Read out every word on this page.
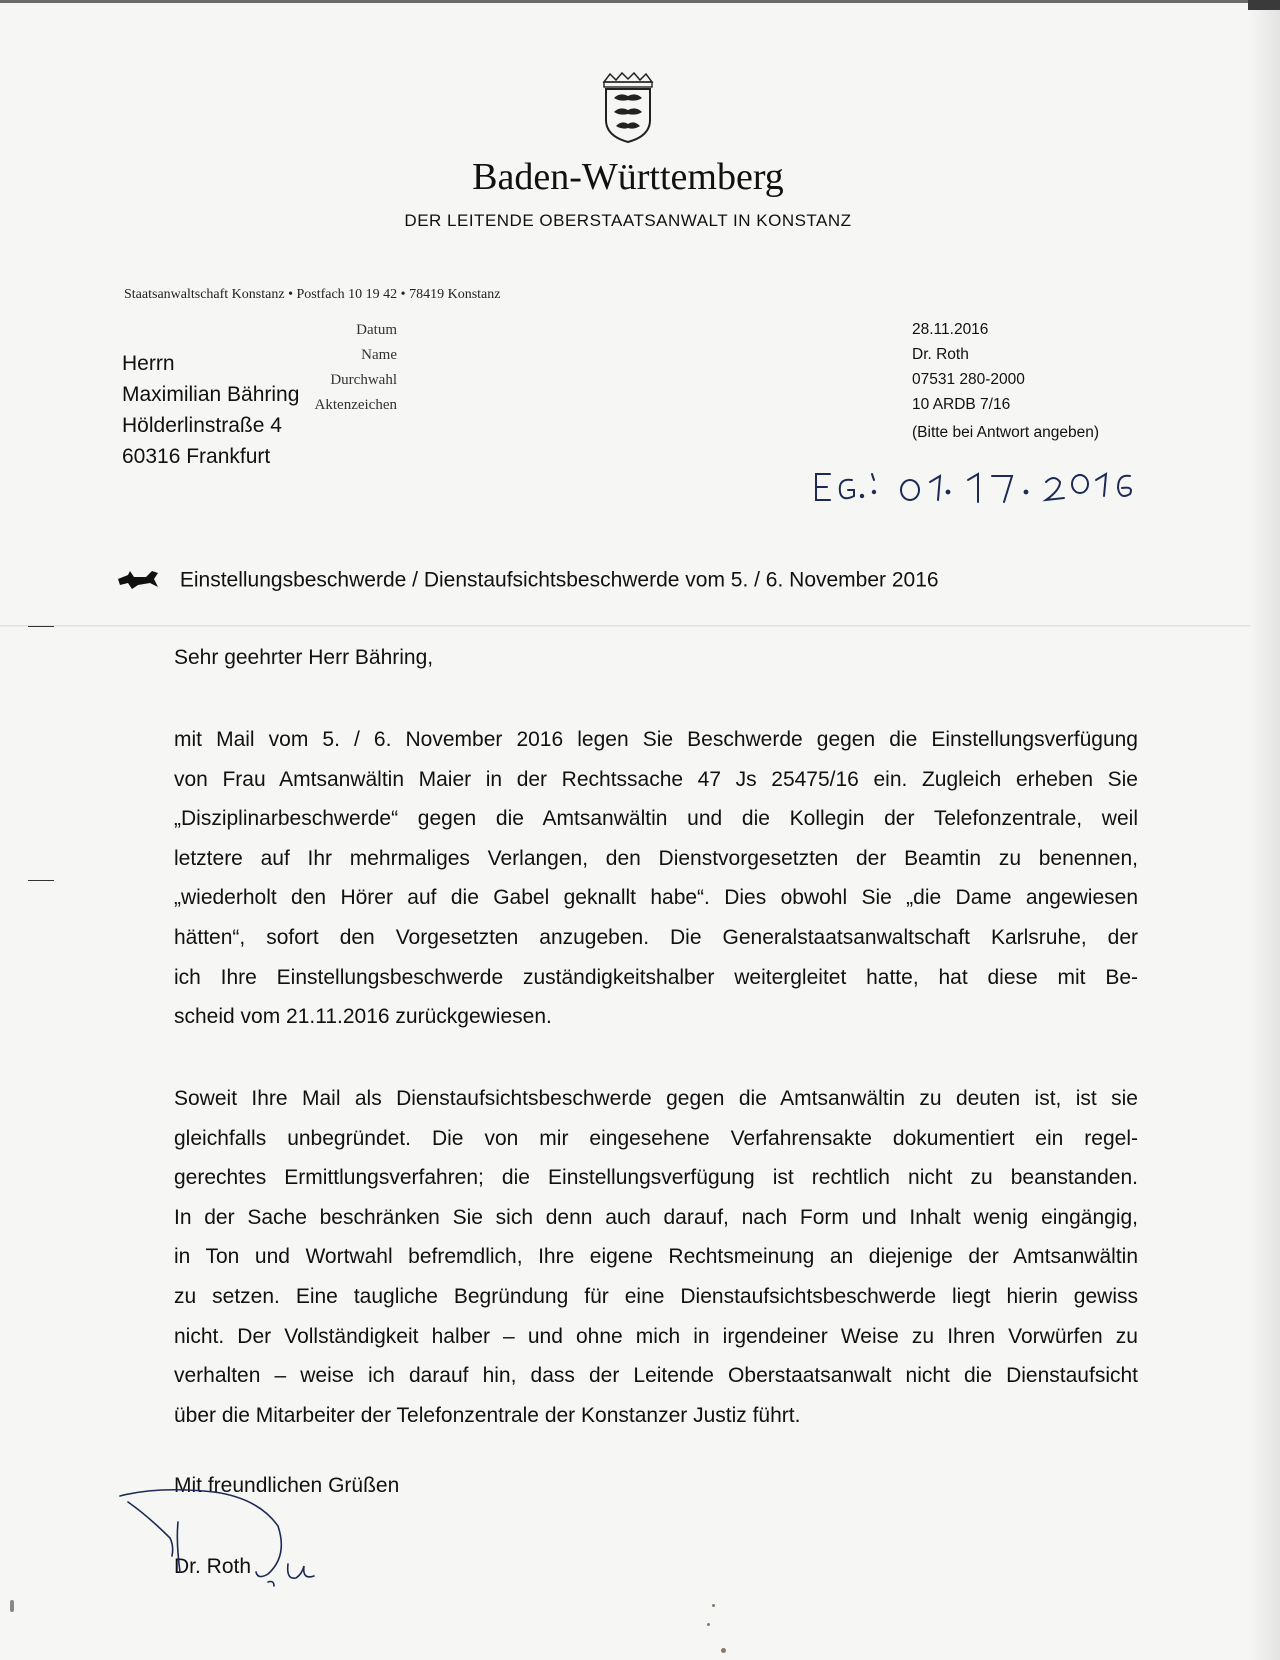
Baden-Württemberg
DER LEITENDE OBERSTAATSANWALT IN KONSTANZ
Staatsanwaltschaft Konstanz • Postfach 10 19 42 • 78419 Konstanz
Herrn
Maximilian Bähring
Hölderlinstraße 4
60316 Frankfurt
Datum	28.11.2016
Name	Dr. Roth
Durchwahl	07531 280-2000
Aktenzeichen	10 ARDB 7/16
(Bitte bei Antwort angeben)
Einstellungsbeschwerde / Dienstaufsichtsbeschwerde vom 5. / 6. November 2016
Sehr geehrter Herr Bähring,
mit Mail vom 5. / 6. November 2016 legen Sie Beschwerde gegen die Einstellungsverfügung
von Frau Amtsanwältin Maier in der Rechtssache 47 Js 25475/16 ein. Zugleich erheben Sie
„Disziplinarbeschwerde“ gegen die Amtsanwältin und die Kollegin der Telefonzentrale, weil
letztere auf Ihr mehrmaliges Verlangen, den Dienstvorgesetzten der Beamtin zu benennen,
„wiederholt den Hörer auf die Gabel geknallt habe“. Dies obwohl Sie „die Dame angewiesen
hätten“, sofort den Vorgesetzten anzugeben. Die Generalstaatsanwaltschaft Karlsruhe, der
ich Ihre Einstellungsbeschwerde zuständigkeitshalber weitergleitet hatte, hat diese mit Be-
scheid vom 21.11.2016 zurückgewiesen.
Soweit Ihre Mail als Dienstaufsichtsbeschwerde gegen die Amtsanwältin zu deuten ist, ist sie
gleichfalls unbegründet. Die von mir eingesehene Verfahrensakte dokumentiert ein regel-
gerechtes Ermittlungsverfahren; die Einstellungsverfügung ist rechtlich nicht zu beanstanden.
In der Sache beschränken Sie sich denn auch darauf, nach Form und Inhalt wenig eingängig,
in Ton und Wortwahl befremdlich, Ihre eigene Rechtsmeinung an diejenige der Amtsanwältin
zu setzen. Eine taugliche Begründung für eine Dienstaufsichtsbeschwerde liegt hierin gewiss
nicht. Der Vollständigkeit halber – und ohne mich in irgendeiner Weise zu Ihren Vorwürfen zu
verhalten – weise ich darauf hin, dass der Leitende Oberstaatsanwalt nicht die Dienstaufsicht
über die Mitarbeiter der Telefonzentrale der Konstanzer Justiz führt.
Mit freundlichen Grüßen
Dr. Roth
